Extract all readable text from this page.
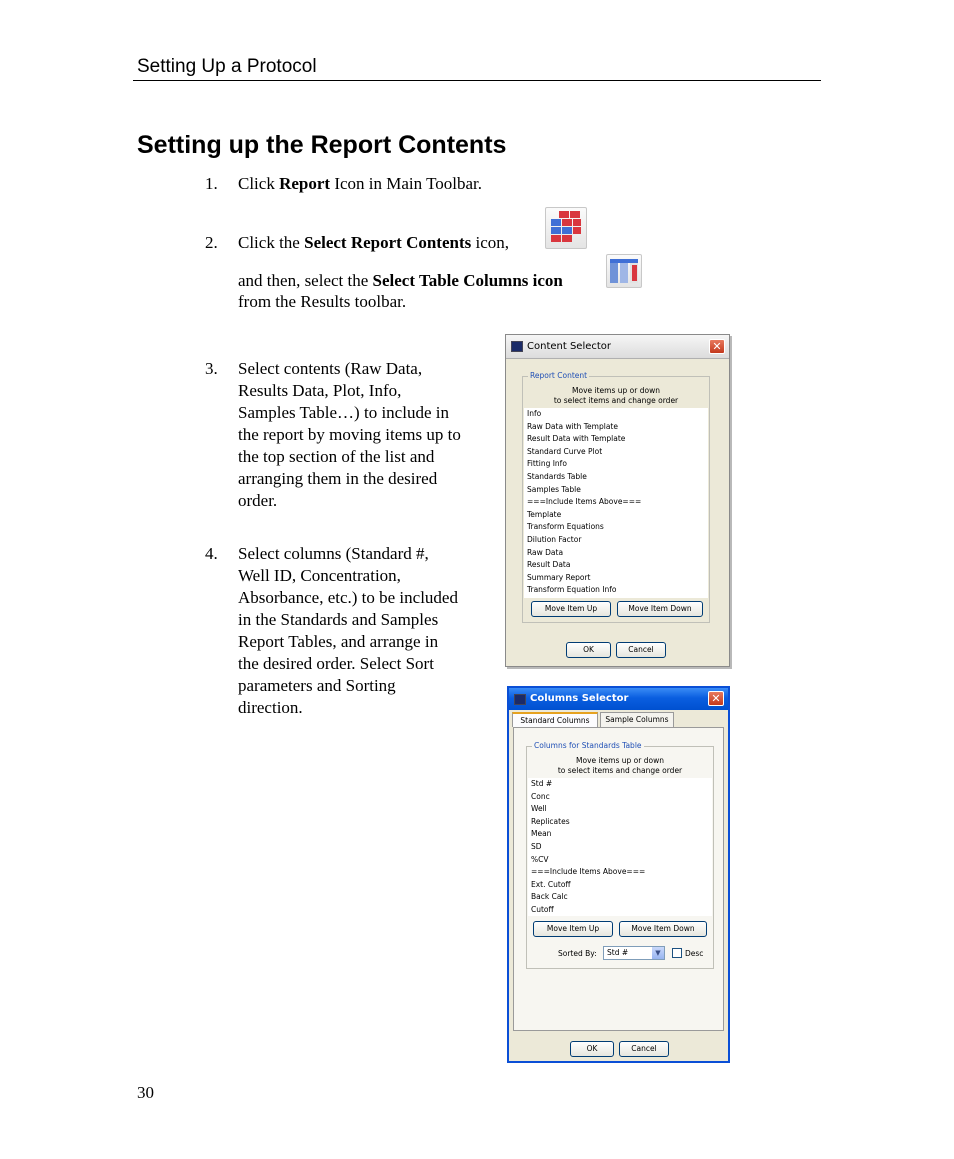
Setting Up a Protocol
Setting up the Report Contents
1. Click Report Icon in Main Toolbar.
2. Click the Select Report Contents icon,
and then, select the Select Table Columns icon
from the Results toolbar.
3. Select contents (Raw Data,
Results Data, Plot, Info,
Samples Table…) to include in
the report by moving items up to
the top section of the list and
arranging them in the desired
order.
4. Select columns (Standard #,
Well ID, Concentration,
Absorbance, etc.) to be included
in the Standards and Samples
Report Tables, and arrange in
the desired order. Select Sort
parameters and Sorting
direction.
Content Selector	✕
Report Content
Move items up or down
to select items and change order
Info
Raw Data with Template
Result Data with Template
Standard Curve Plot
Fitting Info
Standards Table
Samples Table
===Include Items Above===
Template
Transform Equations
Dilution Factor
Raw Data
Result Data
Summary Report
Transform Equation Info
Move Item Up	Move Item Down
OK	Cancel
Columns Selector	✕
Standard Columns	Sample Columns
Columns for Standards Table
Move items up or down
to select items and change order
Std #
Conc
Well
Replicates
Mean
SD
%CV
===Include Items Above===
Ext. Cutoff
Back Calc
Cutoff
Move Item Up	Move Item Down
Sorted By:	Std #	▼	Desc
OK	Cancel
30
